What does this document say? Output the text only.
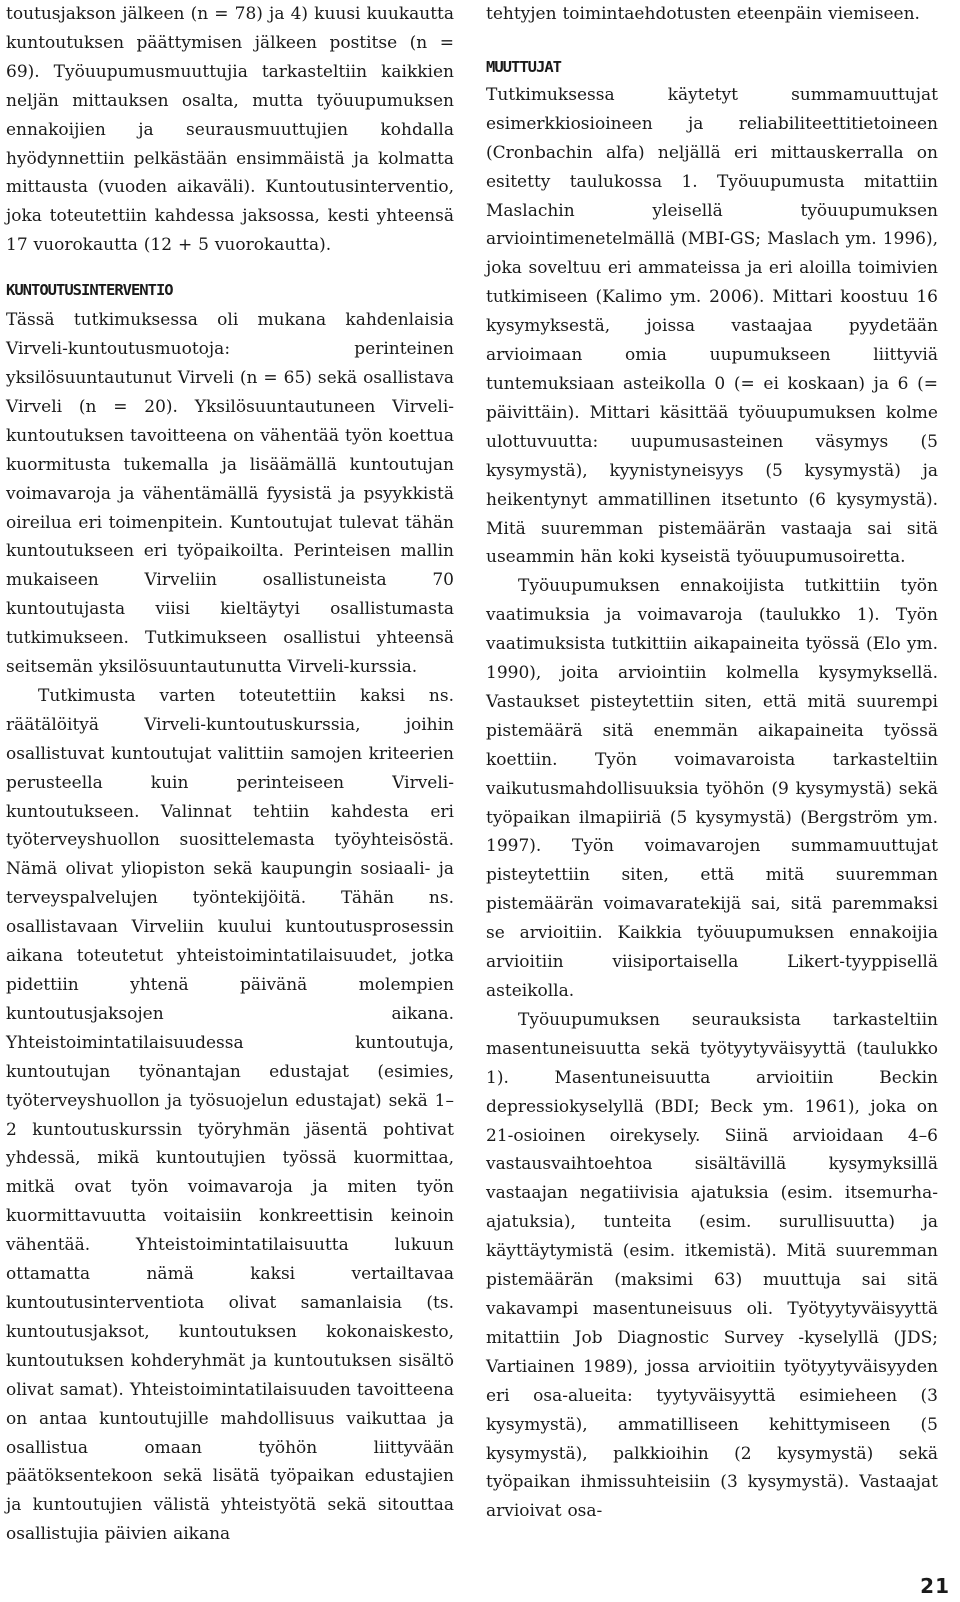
toutusjakson jälkeen (n = 78) ja 4) kuusi kuukautta kuntoutuksen päättymisen jälkeen postitse (n = 69). Työuupumusmuuttujia tarkasteltiin kaikkien neljän mittauksen osalta, mutta työuupumuksen ennakoijien ja seurausmuuttujien kohdalla hyödynnettiin pelkästään ensimmäistä ja kolmatta mittausta (vuoden aikaväli). Kuntoutusinterventio, joka toteutettiin kahdessa jaksossa, kesti yhteensä 17 vuorokautta (12 + 5 vuorokautta).

KUNTOUTUSINTERVENTIO

Tässä tutkimuksessa oli mukana kahdenlaisia Virveli-kuntoutusmuotoja: perinteinen yksilösuuntautunut Virveli (n = 65) sekä osallistava Virveli (n = 20). Yksilösuuntautuneen Virveli-kuntoutuksen tavoitteena on vähentää työn koettua kuormitusta tukemalla ja lisäämällä kuntoutujan voimavaroja ja vähentämällä fyysistä ja psyykkistä oireilua eri toimenpitein. Kuntoutujat tulevat tähän kuntoutukseen eri työpaikoilta. Perinteisen mallin mukaiseen Virveliin osallistuneista 70 kuntoutujasta viisi kieltäytyi osallistumasta tutkimukseen. Tutkimukseen osallistui yhteensä seitsemän yksilösuuntautunutta Virveli-kurssia.

Tutkimusta varten toteutettiin kaksi ns. räätälöityä Virveli-kuntoutuskurssia, joihin osallistuvat kuntoutujat valittiin samojen kriteerien perusteella kuin perinteiseen Virveli-kuntoutukseen. Valinnat tehtiin kahdesta eri työterveyshuollon suosittelemasta työyhteisöstä. Nämä olivat yliopiston sekä kaupungin sosiaali- ja terveyspalvelujen työntekijöitä. Tähän ns. osallistavaan Virveliin kuului kuntoutusprosessin aikana toteutetut yhteistoimintatilaisuudet, jotka pidettiin yhtenä päivänä molempien kuntoutusjaksojen aikana. Yhteistoimintatilaisuudessa kuntoutuja, kuntoutujan työnantajan edustajat (esimies, työterveyshuollon ja työsuojelun edustajat) sekä 1–2 kuntoutuskurssin työryhmän jäsentä pohtivat yhdessä, mikä kuntoutujien työssä kuormittaa, mitkä ovat työn voimavaroja ja miten työn kuormittavuutta voitaisiin konkreettisin keinoin vähentää. Yhteistoimintatilaisuutta lukuun ottamatta nämä kaksi vertailtavaa kuntoutusinterventiota olivat samanlaisia (ts. kuntoutusjaksot, kuntoutuksen kokonaiskesto, kuntoutuksen kohderyhmät ja kuntoutuksen sisältö olivat samat). Yhteistoimintatilaisuuden tavoitteena on antaa kuntoutujille mahdollisuus vaikuttaa ja osallistua omaan työhön liittyvään päätöksentekoon sekä lisätä työpaikan edustajien ja kuntoutujien välistä yhteistyötä sekä sitouttaa osallistujia päivien aikana

tehtyjen toimintaehdotusten eteenpäin viemiseen.

MUUTTUJAT

Tutkimuksessa käytetyt summamuuttujat esimerkkiosioineen ja reliabiliteettitietoineen (Cronbachin alfa) neljällä eri mittauskerralla on esitetty taulukossa 1. Työuupumusta mitattiin Maslachin yleisellä työuupumuksen arviointimenetelmällä (MBI-GS; Maslach ym. 1996), joka soveltuu eri ammateissa ja eri aloilla toimivien tutkimiseen (Kalimo ym. 2006). Mittari koostuu 16 kysymyksestä, joissa vastaajaa pyydetään arvioimaan omia uupumukseen liittyviä tuntemuksiaan asteikolla 0 (= ei koskaan) ja 6 (= päivittäin). Mittari käsittää työuupumuksen kolme ulottuvuutta: uupumusasteinen väsymys (5 kysymystä), kyynistyneisyys (5 kysymystä) ja heikentynyt ammatillinen itsetunto (6 kysymystä). Mitä suuremman pistemäärän vastaaja sai sitä useammin hän koki kyseistä työuupumusoiretta.

Työuupumuksen ennakoijista tutkittiin työn vaatimuksia ja voimavaroja (taulukko 1). Työn vaatimuksista tutkittiin aikapaineita työssä (Elo ym. 1990), joita arviointiin kolmella kysymyksellä. Vastaukset pisteytettiin siten, että mitä suurempi pistemäärä sitä enemmän aikapaineita työssä koettiin. Työn voimavaroista tarkasteltiin vaikutusmahdollisuuksia työhön (9 kysymystä) sekä työpaikan ilmapiiriä (5 kysymystä) (Bergström ym. 1997). Työn voimavarojen summamuuttujat pisteytettiin siten, että mitä suuremman pistemäärän voimavaratekijä sai, sitä paremmaksi se arvioitiin. Kaikkia työuupumuksen ennakoijia arvioitiin viisiportaisella Likert-tyyppisellä asteikolla.

Työuupumuksen seurauksista tarkasteltiin masentuneisuutta sekä työtyytyväisyyttä (taulukko 1). Masentuneisuutta arvioitiin Beckin depressiokyselyllä (BDI; Beck ym. 1961), joka on 21-osioinen oirekysely. Siinä arvioidaan 4–6 vastausvaihtoehtoa sisältävillä kysymyksillä vastaajan negatiivisia ajatuksia (esim. itsemurha-ajatuksia), tunteita (esim. surullisuutta) ja käyttäytymistä (esim. itkemistä). Mitä suuremman pistemäärän (maksimi 63) muuttuja sai sitä vakavampi masentuneisuus oli. Työtyytyväisyyttä mitattiin Job Diagnostic Survey -kyselyllä (JDS; Vartiainen 1989), jossa arvioitiin työtyytyväisyyden eri osa-alueita: tyytyväisyyttä esimieheen (3 kysymystä), ammatilliseen kehittymiseen (5 kysymystä), palkkioihin (2 kysymystä) sekä työpaikan ihmissuhteisiin (3 kysymystä). Vastaajat arvioivat osa-

21
